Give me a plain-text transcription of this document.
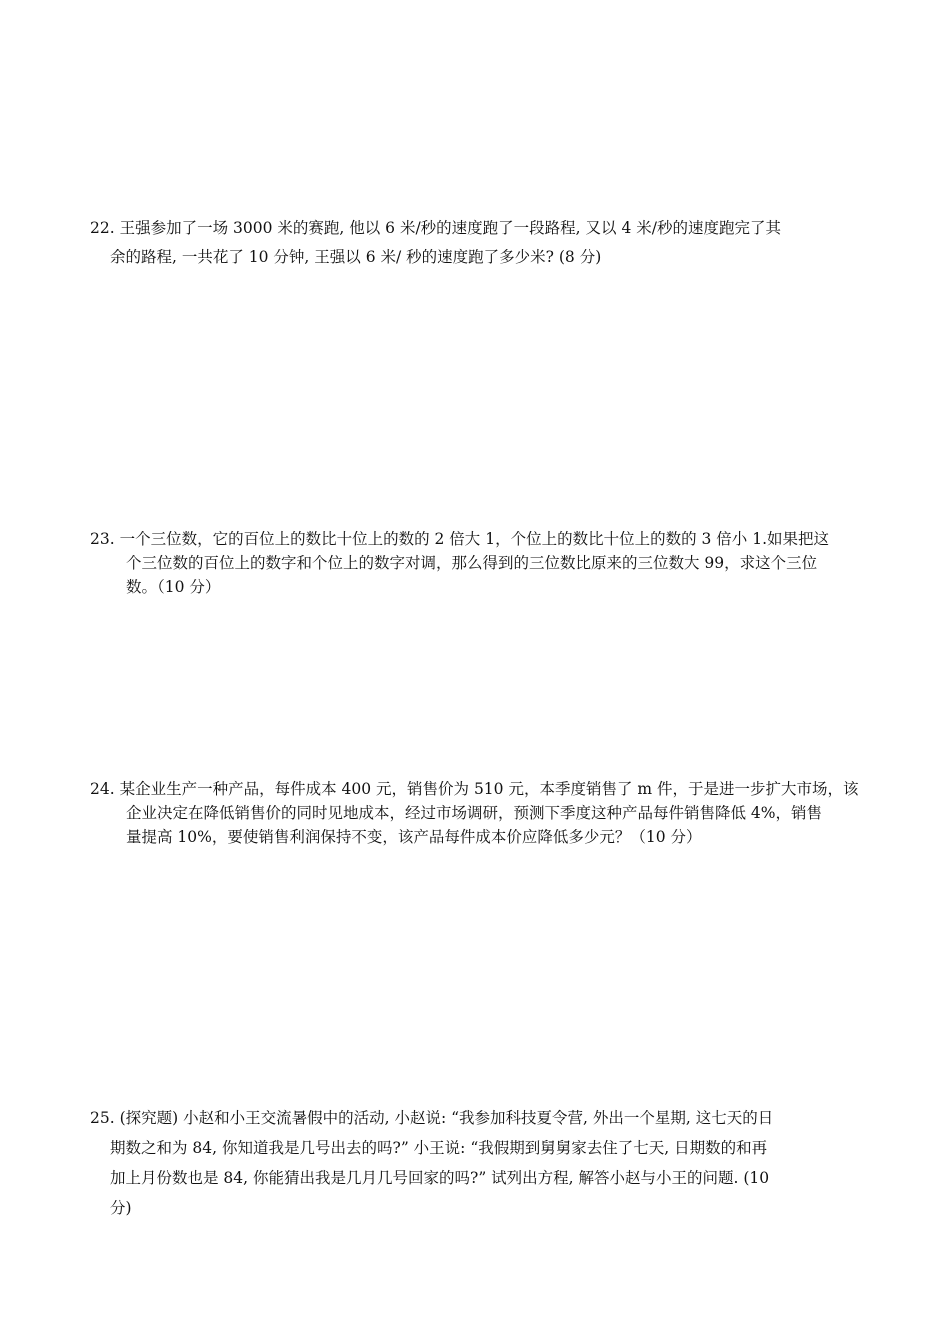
22. 王强参加了一场 3000 米的赛跑, 他以 6 米/秒的速度跑了一段路程, 又以 4 米/秒的速度跑完了其
余的路程, 一共花了 10 分钟, 王强以 6 米/ 秒的速度跑了多少米? (8 分)
23. 一个三位数，它的百位上的数比十位上的数的 2 倍大 1，个位上的数比十位上的数的 3 倍小 1.如果把这
个三位数的百位上的数字和个位上的数字对调，那么得到的三位数比原来的三位数大 99，求这个三位
数。（10 分）
24. 某企业生产一种产品，每件成本 400 元，销售价为 510 元，本季度销售了 m 件，于是进一步扩大市场，该
企业决定在降低销售价的同时见地成本，经过市场调研，预测下季度这种产品每件销售降低 4%，销售
量提高 10%，要使销售利润保持不变，该产品每件成本价应降低多少元？（10 分）
25. (探究题) 小赵和小王交流暑假中的活动, 小赵说: “我参加科技夏令营, 外出一个星期, 这七天的日
期数之和为 84, 你知道我是几号出去的吗?” 小王说: “我假期到舅舅家去住了七天, 日期数的和再
加上月份数也是 84, 你能猜出我是几月几号回家的吗?” 试列出方程, 解答小赵与小王的问题. (10
分)
